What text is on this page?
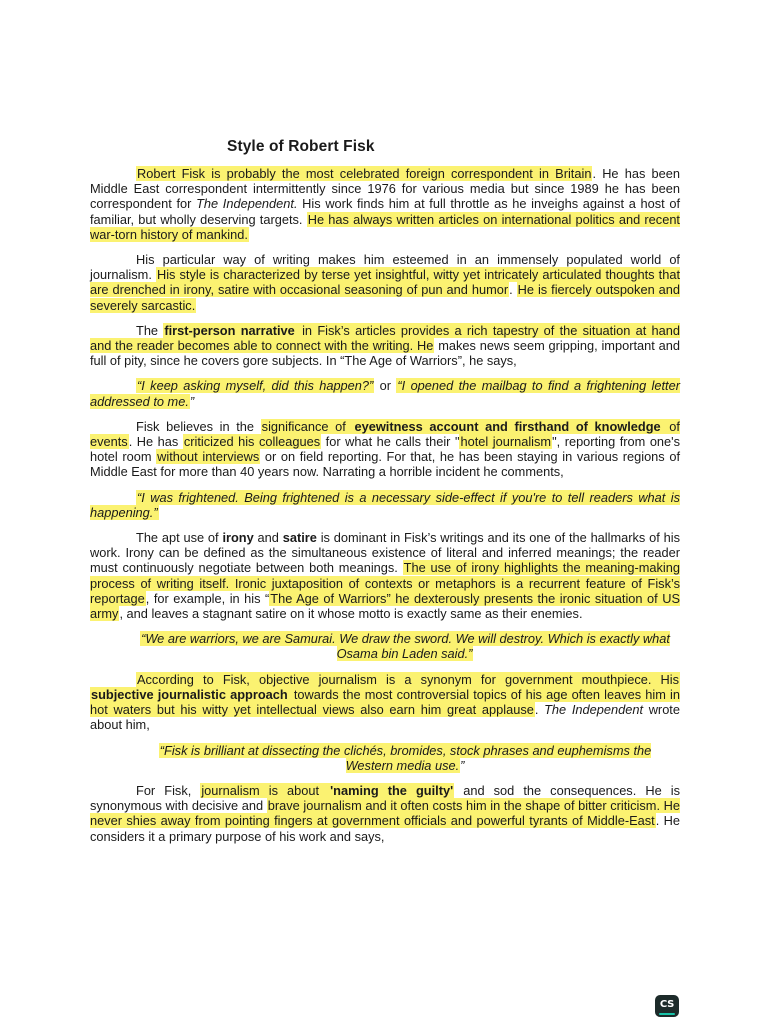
Style of Robert Fisk

Robert Fisk is probably the most celebrated foreign correspondent in Britain. He has been Middle East correspondent intermittently since 1976 for various media but since 1989 he has been correspondent for The Independent. His work finds him at full throttle as he inveighs against a host of familiar, but wholly deserving targets. He has always written articles on international politics and recent war-torn history of mankind.

His particular way of writing makes him esteemed in an immensely populated world of journalism. His style is characterized by terse yet insightful, witty yet intricately articulated thoughts that are drenched in irony, satire with occasional seasoning of pun and humor. He is fiercely outspoken and severely sarcastic.

The first-person narrative in Fisk’s articles provides a rich tapestry of the situation at hand and the reader becomes able to connect with the writing. He makes news seem gripping, important and full of pity, since he covers gore subjects. In “The Age of Warriors”, he says,

“I keep asking myself, did this happen?” or “I opened the mailbag to find a frightening letter addressed to me.”

Fisk believes in the significance of eyewitness account and firsthand of knowledge of events. He has criticized his colleagues for what he calls their "hotel journalism", reporting from one's hotel room without interviews or on field reporting. For that, he has been staying in various regions of Middle East for more than 40 years now. Narrating a horrible incident he comments,

“I was frightened. Being frightened is a necessary side-effect if you're to tell readers what is happening.”

The apt use of irony and satire is dominant in Fisk’s writings and its one of the hallmarks of his work. Irony can be defined as the simultaneous existence of literal and inferred meanings; the reader must continuously negotiate between both meanings. The use of irony highlights the meaning-making process of writing itself. Ironic juxtaposition of contexts or metaphors is a recurrent feature of Fisk’s reportage, for example, in his “The Age of Warriors” he dexterously presents the ironic situation of US army, and leaves a stagnant satire on it whose motto is exactly same as their enemies.

“We are warriors, we are Samurai. We draw the sword. We will destroy. Which is exactly what Osama bin Laden said.”

According to Fisk, objective journalism is a synonym for government mouthpiece. His subjective journalistic approach towards the most controversial topics of his age often leaves him in hot waters but his witty yet intellectual views also earn him great applause. The Independent wrote about him,

“Fisk is brilliant at dissecting the clichés, bromides, stock phrases and euphemisms the Western media use.”

For Fisk, journalism is about 'naming the guilty' and sod the consequences. He is synonymous with decisive and brave journalism and it often costs him in the shape of bitter criticism. He never shies away from pointing fingers at government officials and powerful tyrants of Middle-East. He considers it a primary purpose of his work and says,

CS
